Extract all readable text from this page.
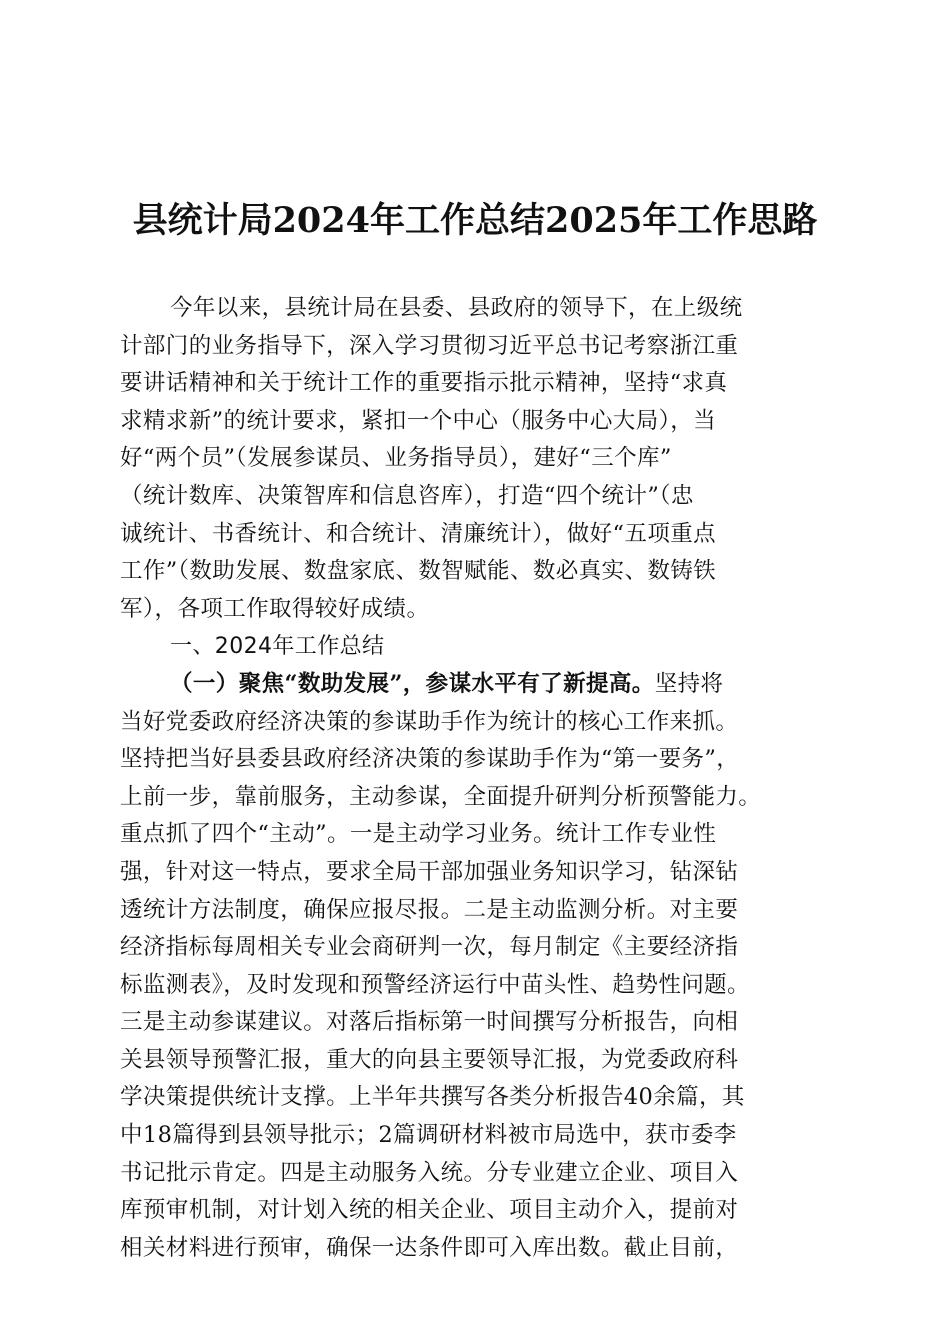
县统计局2024年工作总结2025年工作思路
今年以来，县统计局在县委、县政府的领导下，在上级统
计部门的业务指导下，深入学习贯彻习近平总书记考察浙江重
要讲话精神和关于统计工作的重要指示批示精神，坚持“求真
求精求新”的统计要求，紧扣一个中心（服务中心大局），当
好“两个员”（发展参谋员、业务指导员），建好“三个库”
（统计数库、决策智库和信息咨库），打造“四个统计”（忠
诚统计、书香统计、和合统计、清廉统计），做好“五项重点
工作”（数助发展、数盘家底、数智赋能、数必真实、数铸铁
军），各项工作取得较好成绩。
一、2024年工作总结
（一）聚焦“数助发展”，参谋水平有了新提高。坚持将
当好党委政府经济决策的参谋助手作为统计的核心工作来抓。
坚持把当好县委县政府经济决策的参谋助手作为“第一要务”，
上前一步，靠前服务，主动参谋，全面提升研判分析预警能力。
重点抓了四个“主动”。一是主动学习业务。统计工作专业性
强，针对这一特点，要求全局干部加强业务知识学习，钻深钻
透统计方法制度，确保应报尽报。二是主动监测分析。对主要
经济指标每周相关专业会商研判一次，每月制定《主要经济指
标监测表》，及时发现和预警经济运行中苗头性、趋势性问题。
三是主动参谋建议。对落后指标第一时间撰写分析报告，向相
关县领导预警汇报，重大的向县主要领导汇报，为党委政府科
学决策提供统计支撑。上半年共撰写各类分析报告40余篇，其
中18篇得到县领导批示；2篇调研材料被市局选中，获市委李
书记批示肯定。四是主动服务入统。分专业建立企业、项目入
库预审机制，对计划入统的相关企业、项目主动介入，提前对
相关材料进行预审，确保一达条件即可入库出数。截止目前，
